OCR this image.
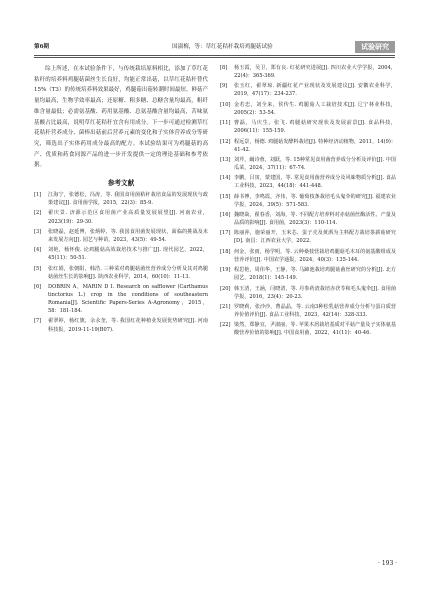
第6期	国淑梅，等：草红花秸秆栽培鸡腿菇试验	试验研究

综上所述，在本试验条件下，与传统栽培原料相比，添加了草红花秸秆的培养料鸡腿菇菌丝生长良好，均能正常出菇，以草红花秸秆替代15%（T3）的传统培养料效果最好，鸡腿菇出菇转潮时间最短、鲜菇产量均最高，生物学效率最高；还原糖、粗多糖、总糖含量均最高，粗纤维含量最低；必需氨基酸、药用氨基酸、总氨基酸含量均最高，苦味氨基酸占比最高，说明草红花秸秆宜含有用成分。下一步可通过检测草红花秸秆营养成分、菌棒出菇前后营养元素的变化和子实体营养成分等研究，筛选出子实体药用成分最高的配方。本试验结果可为鸡腿菇的高产、优质和药食同源产品的进一步开发提供一定的理论基础和参考依据。

参考文献
[1]	江海宁，张德松，冯涛，等. 我国食用菌秸秆栽培食品的发展现状与政策建议[J]. 食用菌学报，2015，22(3)：85-9.
[2]	翟庆景. 济源示范区食用菌产业高质量发展展望[J]. 河南农业，2023(19)：29-30.
[3]	张晓磊，赵延博，张炳婷，等. 我国食用菌发展现状，面临的挑战及未来发展方向[J]. 园艺与种苗，2023，43(5)：49-54.
[4]	刘艳，杨怀俊. 论鸡腿菇高效栽培技术与推广[J]. 现代园艺，2022，45(11)：50-51.
[5]	张红娟，张朝阳，韩浩. 三种菜对鸡腿菇菌丝营养成分分析及其对鸡腿菇菌丝生长的影响[J]. 陕西农业科学，2014，60(10)：11-13.
[6]	DOBRIN A，MARIN D I. Research on safflower (Carthamus tinctorius L.) crop in the conditions of southeastern Romania[J]. Scientific Papers-Series A-Agronomy，2015，58：181-184.
[7]	翟翠婷，杨红旗，余永奎，等. 我国红花种植业发展优势研究[J]. 河南科技报，2019-11-19(B07).
[8]	杨玉霞，吴卫，郑有良. 红花研究进展[J]. 四川农业大学学报，2004，22(4)：365-369.
[9]	张玉红，翟翠琼. 新疆红花产业现状及发展建议[J]. 安徽农业科学，2019，47(17)：234-237.
[10] 金若忠，刘全来，侯传生. 鸡腿菇人工栽培技术[J]. 辽宁林业科技，2005(2)：53-54.
[11] 曹磊，马庆生，张飞. 鸡腿菇研究现状及发展前景[J]. 食品科技，2006(11)：155-159.
[12] 程远景，杨德. 鸡腿菇发酵料栽培[J]. 特种经济动植物，2011，14(9)：41-42.
[13] 刘芹，阚诗蓉，刘跃，等. 15种常见食用菌营养成分分析及评价[J]. 中国瓜菜，2024，37(11)：67-74.
[14] 李鹏，吕寅，蒙建国，等. 常见食用菌营养成分及风味物质分析[J]. 食品工业科技，2023，44(18)：441-448.
[15] 薛书博，李鸣霞，齐伟，等. 葡萄枝条栽培毛头鬼伞的研究[J]. 福建农业学报，2024，39(5)：571-583.
[16] 魏晓焱，翟春香，刘海，等. 不同配方培养料对赤菇菌丝酶活性、产量及品质的影响[J]. 食用菌，2023(3)：110-114.
[17] 陈丽萍，施荣丽开，玉米芯、蛋子壳及黄酒为主料配方栽培茶薪菇研究[D]. 南昌：江西农业大学，2022.
[18] 何金，张雨，杨学明，等. 云种桑枝营栽培鸡腿菇毛木耳的氨基酸组成及营养评价[J]. 中国农学通报，2024，40(3)：135-144.
[19] 程思艳，周伟华，王静，等. 马蹄池栽培鸡腿菇菌丝研究的分析[J]. 北方园艺，2018(1)：145-149.
[20] 韩玉清，王涵，闫晓清，等. 丹参药渣栽培赤茯苓和毛头鬼伞[J]. 食用菌学报，2016，23(4)：20-23.
[21] 罗晓莉，张沙沙，曹晶晶，等. 云南3种松乳菇营养成分分析与蛋白质营养价值评价[J]. 食品工业科技，2023，42(14)：328-333.
[22] 梁然，郑静宜，尹淑丽，等. 苹果木屑栽培基质对平菇产量及子实体氨基酸营养价值的影响[J]. 中国食用菌，2022，41(11)：40-46.
· 193 ·
